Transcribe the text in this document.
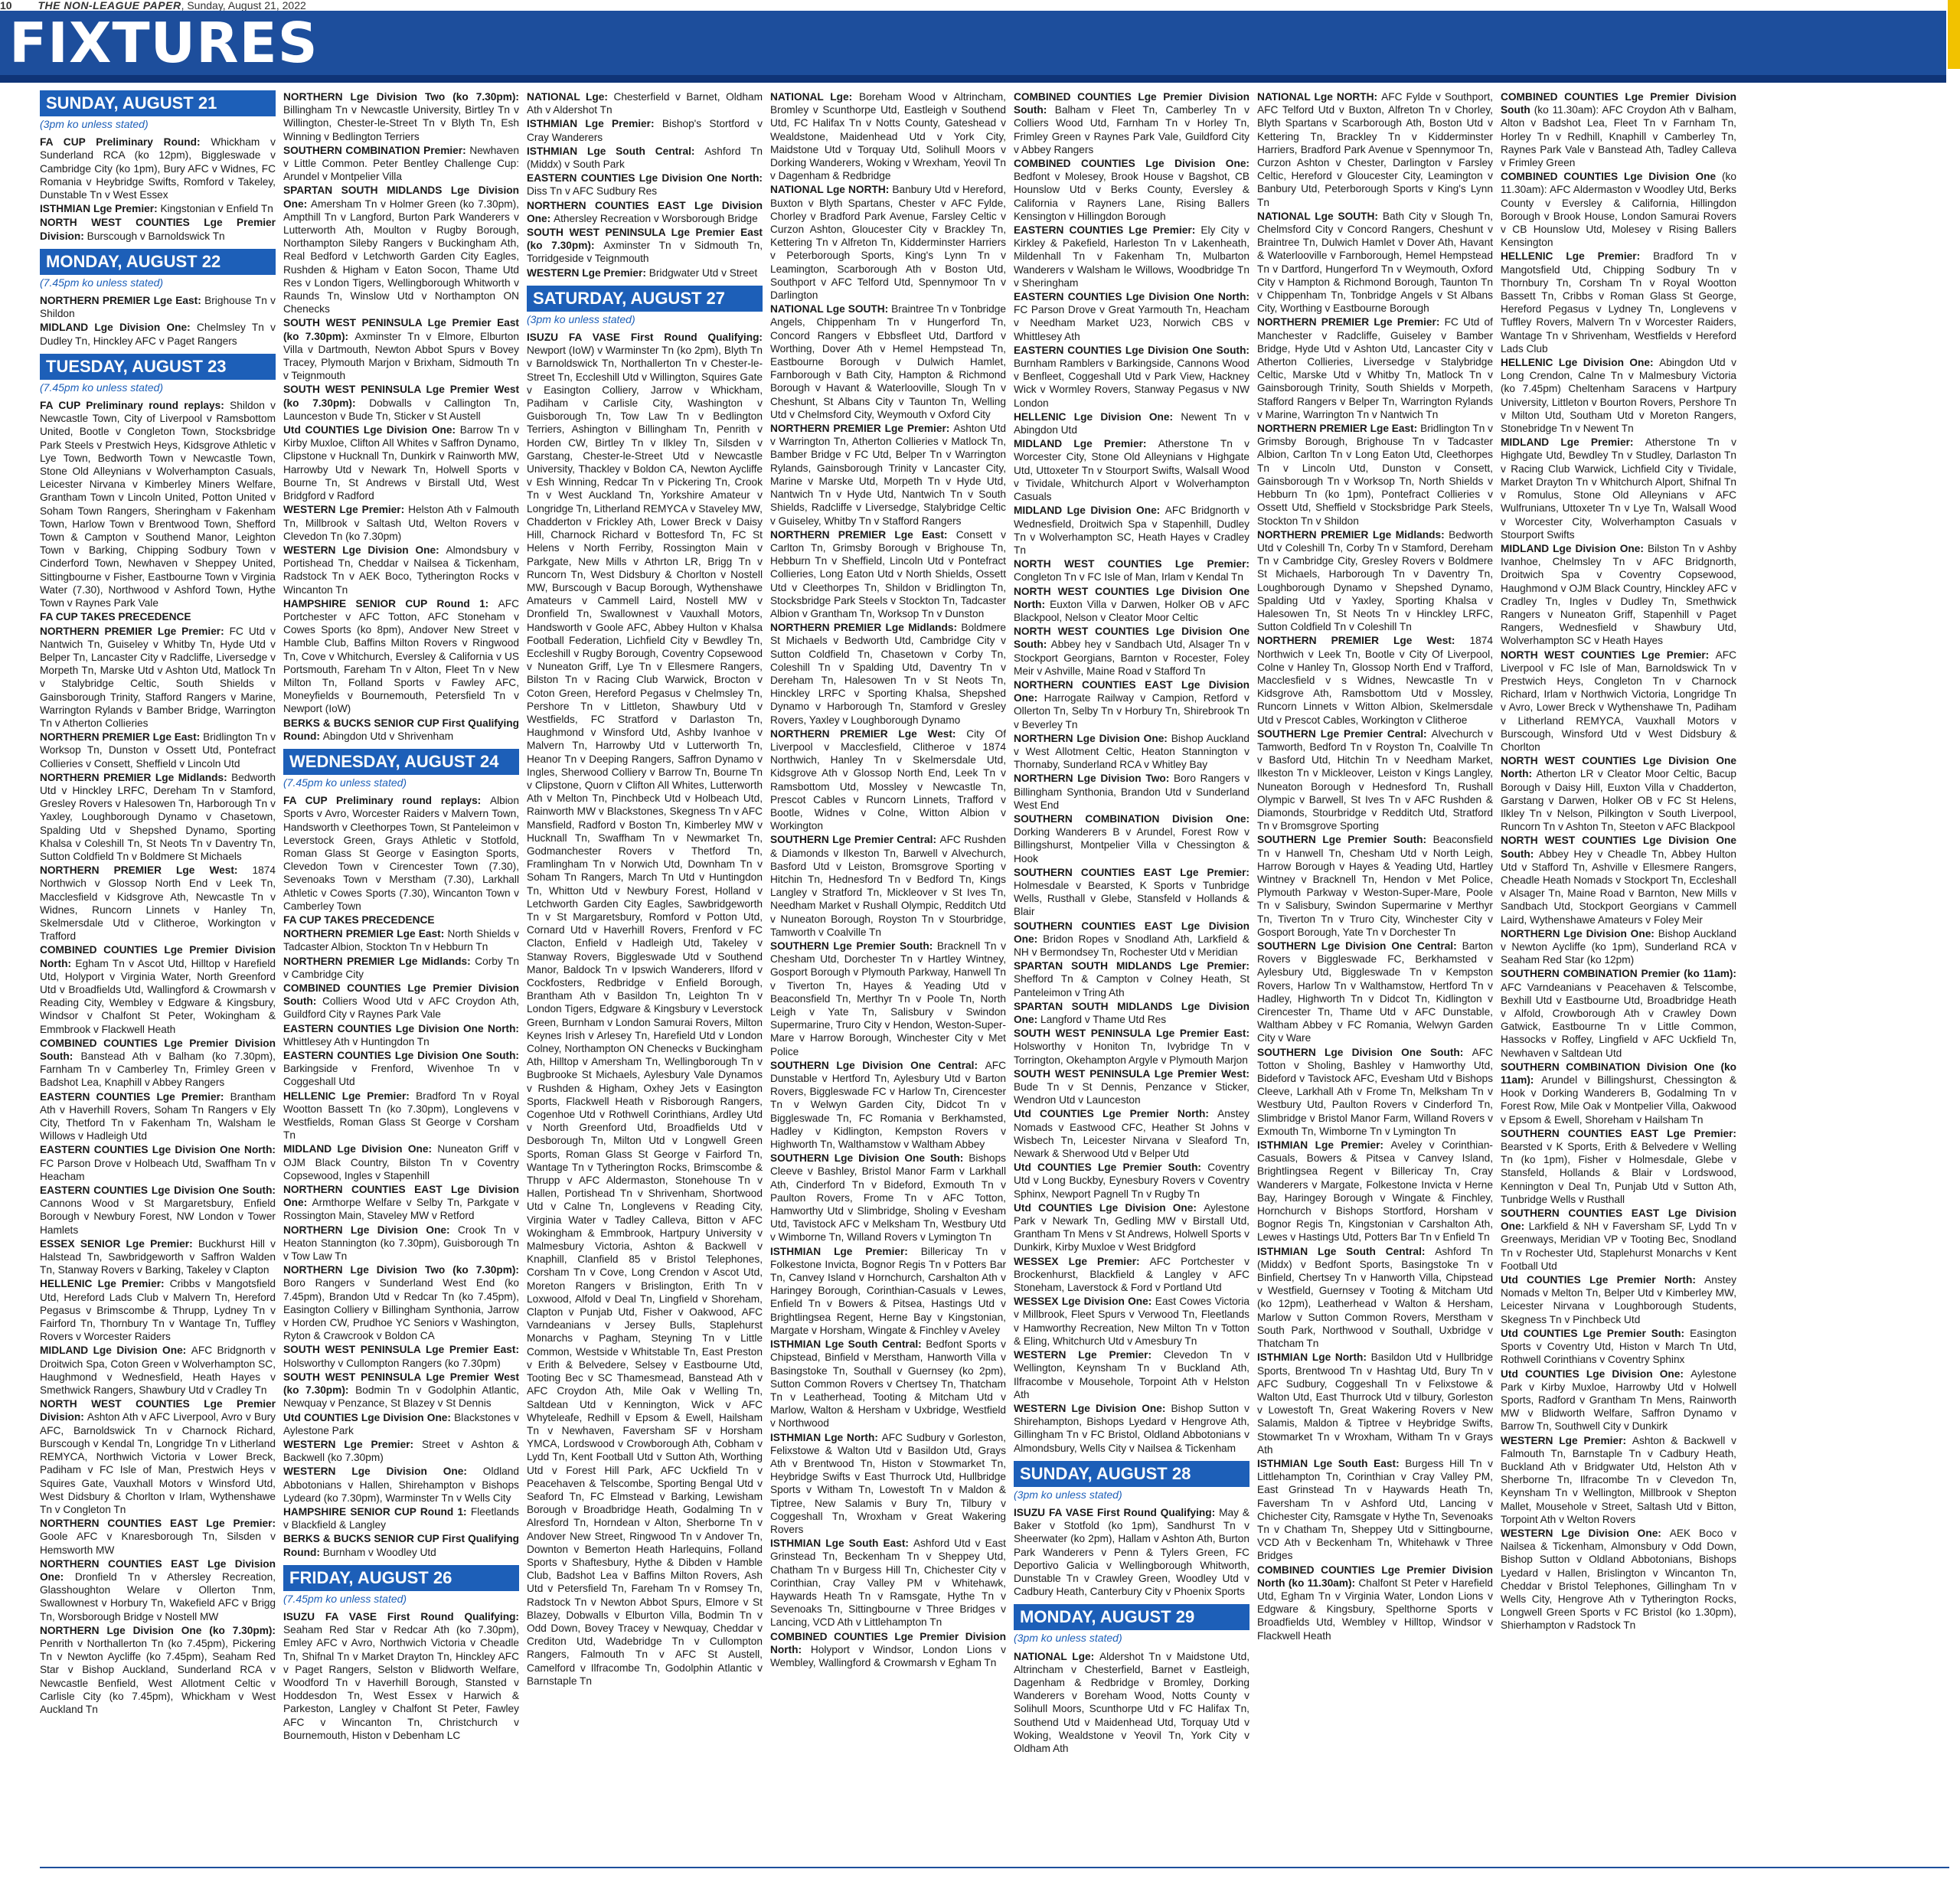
10 THE NON-LEAGUE PAPER, Sunday, August 21, 2022
FIXTURES
SUNDAY, AUGUST 21
(3pm ko unless stated)
FA CUP Preliminary Round: Whickham v Sunderland RCA (ko 12pm), Biggleswade v Cambridge City (ko 1pm), Bury AFC v Widnes, FC Romania v Heybridge Swifts, Romford v Takeley, Dunstable Tn v West Essex
ISTHMIAN Lge Premier: Kingstonian v Enfield Tn
NORTH WEST COUNTIES Lge Premier Division: Burscough v Barnoldswick Tn
MONDAY, AUGUST 22
(7.45pm ko unless stated)
NORTHERN PREMIER Lge East: Brighouse Tn v Shildon
MIDLAND Lge Division One: Chelmsley Tn v Dudley Tn, Hinckley AFC v Paget Rangers
TUESDAY, AUGUST 23
(7.45pm ko unless stated)
FA CUP Preliminary round replays: Shildon v Newcastle Town, City of Liverpool v Ramsbottom United, Bootle v Congleton Town, Stocksbridge Park Steels v Prestwich Heys, Kidsgrove Athletic v Lye Town, Bedworth Town v Newcastle Town, Stone Old Alleynians v Wolverhampton Casuals, Leicester Nirvana v Kimberley Miners Welfare, Grantham Town v Lincoln United, Potton United v Soham Town Rangers, Sheringham v Fakenham Town, Harlow Town v Brentwood Town, Shefford Town & Campton v Southend Manor, Leighton Town v Barking, Chipping Sodbury Town v Cinderford Town, Newhaven v Sheppey United, Sittingbourne v Fisher, Eastbourne Town v Virginia Water (7.30), Northwood v Ashford Town, Hythe Town v Raynes Park Vale
FA CUP TAKES PRECEDENCE
NORTHERN PREMIER Lge Premier: FC Utd v Nantwich Tn, Guiseley v Whitby Tn, Hyde Utd v Belper Tn, Lancaster City v Radcliffe, Liversedge v Morpeth Tn, Marske Utd v Ashton Utd, Matlock Tn v Stalybridge Celtic, South Shields v Gainsborough Trinity, Stafford Rangers v Marine, Warrington Rylands v Bamber Bridge, Warrington Tn v Atherton Collieries
NORTHERN PREMIER Lge East: Bridlington Tn v Worksop Tn, Dunston v Ossett Utd, Pontefract Collieries v Consett, Sheffield v Lincoln Utd
NORTHERN PREMIER Lge Midlands: Bedworth Utd v Hinckley LRFC, Dereham Tn v Stamford, Gresley Rovers v Halesowen Tn, Harborough Tn v Yaxley, Loughborough Dynamo v Chasetown, Spalding Utd v Shepshed Dynamo, Sporting Khalsa v Coleshill Tn, St Neots Tn v Daventry Tn, Sutton Coldfield Tn v Boldmere St Michaels
NORTHERN PREMIER Lge West: 1874 Northwich v Glossop North End v Leek Tn, Macclesfield v Kidsgrove Ath, Newcastle Tn v Widnes, Runcorn Linnets v Hanley Tn, Skelmersdale Utd v Clitheroe, Workington v Trafford
COMBINED COUNTIES Lge Premier Division North: Egham Tn v Ascot Utd, Hilltop v Harefield Utd, Holyport v Virginia Water, North Greenford Utd v Broadfields Utd, Wallingford & Crowmarsh v Reading City, Wembley v Edgware & Kingsbury, Windsor v Chalfont St Peter, Wokingham & Emmbrook v Flackwell Heath
COMBINED COUNTIES Lge Premier Division South: Banstead Ath v Balham (ko 7.30pm), Farnham Tn v Camberley Tn, Frimley Green v Badshot Lea, Knaphill v Abbey Rangers
EASTERN COUNTIES Lge Premier: Brantham Ath v Haverhill Rovers, Soham Tn Rangers v Ely City, Thetford Tn v Fakenham Tn, Walsham le Willows v Hadleigh Utd
EASTERN COUNTIES Lge Division One North:FC Parson Drove v Holbeach Utd, Swaffham Tn v Heacham
EASTERN COUNTIES Lge Division One South:Cannons Wood v St Margaretsbury, Enfield Borough v Newbury Forest, NW London v Tower Hamlets
ESSEX SENIOR Lge Premier: Buckhurst Hill v Halstead Tn, Sawbridgeworth v Saffron Walden Tn, Stanway Rovers v Barking, Takeley v Clapton
HELLENIC Lge Premier: Cribbs v Mangotsfield Utd, Hereford Lads Club v Malvern Tn, Hereford Pegasus v Brimscombe & Thrupp, Lydney Tn v Fairford Tn, Thornbury Tn v Wantage Tn, Tuffley Rovers v Worcester Raiders
MIDLAND Lge Division One: AFC Bridgnorth v Droitwich Spa, Coton Green v Wolverhampton SC, Haughmond v Wednesfield, Heath Hayes v Smethwick Rangers, Shawbury Utd v Cradley Tn
NORTH WEST COUNTIES Lge Premier Division: Ashton Ath v AFC Liverpool, Avro v Bury AFC, Barnoldswick Tn v Charnock Richard, Burscough v Kendal Tn, Longridge Tn v Litherland REMYCA, Northwich Victoria v Lower Breck, Padiham v FC Isle of Man, Prestwich Heys v Squires Gate, Vauxhall Motors v Winsford Utd, West Didsbury & Chorlton v Irlam, Wythenshawe Tn v Congleton Tn
NORTHERN COUNTIES EAST Lge Premier:Goole AFC v Knaresborough Tn, Silsden v Hemsworth MW
NORTHERN COUNTIES EAST Lge Division One: Dronfield Tn v Athersley Recreation, Glasshoughton Welare v Ollerton Tnm, Swallownest v Horbury Tn, Wakefield AFC v Brigg Tn, Worsborough Bridge v Nostell MW
NORTHERN Lge Division One (ko 7.30pm):Penrith v Northallerton Tn (ko 7.45pm), Pickering Tn v Newton Aycliffe (ko 7.45pm), Seaham Red Star v Bishop Auckland, Sunderland RCA v Newcastle Benfield, West Allotment Celtic v Carlisle City (ko 7.45pm), Whickham v West Auckland Tn
NORTHERN Lge Division Two (ko 7.30pm):Billingham Tn v Newcastle University, Birtley Tn v Willington, Chester-le-Street Tn v Blyth Tn, Esh Winning v Bedlington Terriers
SOUTHERN COMBINATION Premier: Newhaven v Little Common. Peter Bentley Challenge Cup: Arundel v Montpelier Villa
SPARTAN SOUTH MIDLANDS Lge Division One: Amersham Tn v Holmer Green (ko 7.30pm), Ampthill Tn v Langford, Burton Park Wanderers v Lutterworth Ath, Moulton v Rugby Borough, Northampton Sileby Rangers v Buckingham Ath, Real Bedford v Letchworth Garden City Eagles, Rushden & Higham v Eaton Socon, Thame Utd Res v London Tigers, Wellingborough Whitworth v Raunds Tn, Winslow Utd v Northampton ON Chenecks
SOUTH WEST PENINSULA Lge Premier East (ko 7.30pm): Axminster Tn v Elmore, Elburton Villa v Dartmouth, Newton Abbot Spurs v Bovey Tracey, Plymouth Marjon v Brixham, Sidmouth Tn v Teignmouth
SOUTH WEST PENINSULA Lge Premier West (ko 7.30pm): Dobwalls v Callington Tn, Launceston v Bude Tn, Sticker v St Austell
Utd COUNTIES Lge Division One: Barrow Tn v Kirby Muxloe, Clifton All Whites v Saffron Dynamo, Clipstone v Hucknall Tn, Dunkirk v Rainworth MW, Harrowby Utd v Newark Tn, Holwell Sports v Bourne Tn, St Andrews v Birstall Utd, West Bridgford v Radford
WESTERN Lge Premier: Helston Ath v Falmouth Tn, Millbrook v Saltash Utd, Welton Rovers v Clevedon Tn (ko 7.30pm)
WESTERN Lge Division One: Almondsbury v Portishead Tn, Cheddar v Nailsea & Tickenham, Radstock Tn v AEK Boco, Tytherington Rocks v Wincanton Tn
HAMPSHIRE SENIOR CUP Round 1: AFC Portchester v AFC Totton, AFC Stoneham v Cowes Sports (ko 8pm), Andover New Street v Hamble Club, Baffins Milton Rovers v Ringwood Tn, Cove v Whitchurch, Eversley & California v US Portsmouth, Fareham Tn v Alton, Fleet Tn v New Milton Tn, Folland Sports v Fawley AFC, Moneyfields v Bournemouth, Petersfield Tn v Newport (IoW)
BERKS & BUCKS SENIOR CUP First Qualifying Round: Abingdon Utd v Shrivenham
WEDNESDAY, AUGUST 24
(7.45pm ko unless stated)
FA CUP Preliminary round replays: Albion Sports v Avro, Worcester Raiders v Malvern Town, Handsworth v Cleethorpes Town, St Panteleimon v Leverstock Green, Grays Athletic v Stotfold, Roman Glass St George v Easington Sports, Clevedon Town v Cirencester Town (7.30), Sevenoaks Town v Merstham (7.30), Larkhall Athletic v Cowes Sports (7.30), Wincanton Town v Camberley Town
FA CUP TAKES PRECEDENCE
NORTHERN PREMIER Lge East: North Shields v Tadcaster Albion, Stockton Tn v Hebburn Tn
NORTHERN PREMIER Lge Midlands: Corby Tn v Cambridge City
COMBINED COUNTIES Lge Premier Division South: Colliers Wood Utd v AFC Croydon Ath, Guildford City v Raynes Park Vale
EASTERN COUNTIES Lge Division One North:Whittlesey Ath v Huntingdon Tn
EASTERN COUNTIES Lge Division One South:Barkingside v Frenford, Wivenhoe Tn v Coggeshall Utd
HELLENIC Lge Premier: Bradford Tn v Royal Wootton Bassett Tn (ko 7.30pm), Longlevens v Westfields, Roman Glass St George v Corsham Tn
MIDLAND Lge Division One: Nuneaton Griff v OJM Black Country, Bilston Tn v Coventry Copsewood, Ingles v Stapenhill
NORTHERN COUNTIES EAST Lge Division One: Armthorpe Welfare v Selby Tn, Parkgate v Rossington Main, Staveley MW v Retford
NORTHERN Lge Division One: Crook Tn v Heaton Stannington (ko 7.30pm), Guisborough Tn v Tow Law Tn
NORTHERN Lge Division Two (ko 7.30pm):Boro Rangers v Sunderland West End (ko 7.45pm), Brandon Utd v Redcar Tn (ko 7.45pm), Easington Colliery v Billingham Synthonia, Jarrow v Horden CW, Prudhoe YC Seniors v Washington, Ryton & Crawcrook v Boldon CA
SOUTH WEST PENINSULA Lge Premier East:Holsworthy v Cullompton Rangers (ko 7.30pm)
SOUTH WEST PENINSULA Lge Premier West (ko 7.30pm): Bodmin Tn v Godolphin Atlantic, Newquay v Penzance, St Blazey v St Dennis
Utd COUNTIES Lge Division One: Blackstones v Aylestone Park
WESTERN Lge Premier: Street v Ashton & Backwell (ko 7.30pm)
WESTERN Lge Division One: Oldland Abbotonians v Hallen, Shirehampton v Bishops Lydeard (ko 7.30pm), Warminster Tn v Wells City
HAMPSHIRE SENIOR CUP Round 1: Fleetlands v Blackfield & Langley
BERKS & BUCKS SENIOR CUP First Qualifying Round: Burnham v Woodley Utd
FRIDAY, AUGUST 26
(7.45pm ko unless stated)
ISUZU FA VASE First Round Qualifying:Seaham Red Star v Redcar Ath (ko 7.30pm), Emley AFC v Avro, Northwich Victoria v Cheadle Tn, Shifnal Tn v Market Drayton Tn, Hinckley AFC v Paget Rangers, Selston v Blidworth Welfare, Woodford Tn v Haverhill Borough, Stansted v Hoddesdon Tn, West Essex v Harwich & Parkeston, Langley v Chalfont St Peter, Fawley AFC v Wincanton Tn, Christchurch v Bournemouth, Histon v Debenham LC
NATIONAL Lge: Chesterfield v Barnet, Oldham Ath v Aldershot Tn
ISTHMIAN Lge Premier: Bishop's Stortford v Cray Wanderers
ISTHMIAN Lge South Central: Ashford Tn (Middx) v South Park
EASTERN COUNTIES Lge Division One North:Diss Tn v AFC Sudbury Res
NORTHERN COUNTIES EAST Lge Division One: Athersley Recreation v Worsborough Bridge
SOUTH WEST PENINSULA Lge Premier East (ko 7.30pm): Axminster Tn v Sidmouth Tn, Torridgeside v Teignmouth
WESTERN Lge Premier: Bridgwater Utd v Street
SATURDAY, AUGUST 27
(3pm ko unless stated)
ISUZU FA VASE First Round Qualifying:Newport (IoW) v Warminster Tn (ko 2pm), Blyth Tn v Barnoldswick Tn, Northallerton Tn v Chester-le-Street Tn, Eccleshill Utd v Willington, Squires Gate v Easington Colliery, Jarrow v Whickham, Padiham v Carlisle City, Washington v Guisborough Tn, Tow Law Tn v Bedlington Terriers, Ashington v Billingham Tn, Penrith v Horden CW, Birtley Tn v Ilkley Tn, Silsden v Garstang, Chester-le-Street Utd v Newcastle University, Thackley v Boldon CA, Newton Aycliffe v Esh Winning, Redcar Tn v Pickering Tn, Crook Tn v West Auckland Tn, Yorkshire Amateur v Longridge Tn, Litherland REMYCA v Staveley MW, Chadderton v Frickley Ath, Lower Breck v Daisy Hill, Charnock Richard v Bottesford Tn, FC St Helens v North Ferriby, Rossington Main v Parkgate, New Mills v Athrton LR, Brigg Tn v Runcorn Tn, West Didsbury & Chorlton v Nostell MW, Burscough v Bacup Borough, Wythenshawe Amateurs v Cammell Laird, Nostell MW v Dronfield Tn, Swallownest v Vauxhall Motors, Handsworth v Goole AFC, Abbey Hulton v Khalsa Football Federation, Lichfield City v Bewdley Tn, Eccleshill v Rugby Borough, Coventry Copsewood v Nuneaton Griff, Lye Tn v Ellesmere Rangers, Bilston Tn v Racing Club Warwick, Brocton v Coton Green, Hereford Pegasus v Chelmsley Tn, Pershore Tn v Littleton, Shawbury Utd v Westfields, FC Stratford v Darlaston Tn, Haughmond v Winsford Utd, Ashby Ivanhoe v Malvern Tn, Harrowby Utd v Lutterworth Tn, Heanor Tn v Deeping Rangers, Saffron Dynamo v Ingles, Sherwood Colliery v Barrow Tn, Bourne Tn v Clipstone, Quorn v Clifton All Whites, Lutterworth Ath v Melton Tn, Pinchbeck Utd v Holbeach Utd, Rainworth MW v Blackstones, Skegness Tn v AFC Mansfield, Radford v Boston Tn, Kimberley MW v Hucknall Tn, Swaffham Tn v Newmarket Tn, Godmanchester Rovers v Thetford Tn, Framlingham Tn v Norwich Utd, Downham Tn v Soham Tn Rangers, March Tn Utd v Huntingdon Tn, Whitton Utd v Newbury Forest, Holland v Letchworth Garden City Eagles, Sawbridgeworth Tn v St Margaretsbury, Romford v Potton Utd, Cornard Utd v Haverhill Rovers, Frenford v FC Clacton, Enfield v Hadleigh Utd, Takeley v Stanway Rovers, Biggleswade Utd v Southend Manor, Baldock Tn v Ipswich Wanderers, Ilford v Cockfosters, Redbridge v Enfield Borough, Brantham Ath v Basildon Tn, Leighton Tn v London Tigers, Edgware & Kingsbury v Leverstock Green, Burnham v London Samurai Rovers, Milton Keynes Irish v Arlesey Tn, Harefield Utd v London Colney, Northampton ON Chenecks v Buckingham Ath, Hilltop v Amersham Tn, Wellingborough Tn v Bugbrooke St Michaels, Aylesbury Vale Dynamos v Rushden & Higham, Oxhey Jets v Easington Sports, Flackwell Heath v Risborough Rangers, Cogenhoe Utd v Rothwell Corinthians, Ardley Utd v North Greenford Utd, Broadfields Utd v Desborough Tn, Milton Utd v Longwell Green Sports, Roman Glass St George v Fairford Tn, Wantage Tn v Tytherington Rocks, Brimscombe & Thrupp v AFC Aldermaston, Stonehouse Tn v Hallen, Portishead Tn v Shrivenham, Shortwood Utd v Calne Tn, Longlevens v Reading City, Virginia Water v Tadley Calleva, Bitton v AFC Wokingham & Emmbrook, Hartpury University v Malmesbury Victoria, Ashton & Backwell v Knaphill, Clanfield 85 v Bristol Telephones, Corsham Tn v Cove, Long Crendon v Ascot Utd, Moreton Rangers v Brislington, Erith Tn v Loxwood, Alfold v Deal Tn, Lingfield v Shoreham, Clapton v Punjab Utd, Fisher v Oakwood, AFC Varndeanians v Jersey Bulls, Staplehurst Monarchs v Pagham, Steyning Tn v Little Common, Westside v Whitstable Tn, East Preston v Erith & Belvedere, Selsey v Eastbourne Utd, Tooting Bec v SC Thamesmead, Banstead Ath v AFC Croydon Ath, Mile Oak v Welling Tn, Saltdean Utd v Kennington, Wick v AFC Whyteleafe, Redhill v Epsom & Ewell, Hailsham Tn v Newhaven, Faversham SF v Horsham YMCA, Lordswood v Crowborough Ath, Cobham v Lydd Tn, Kent Football Utd v Sutton Ath, Worthing Utd v Forest Hill Park, AFC Uckfield Tn v Peacehaven & Telscombe, Sporting Bengal Utd v Seaford Tn, FC Elmstead v Barking, Lewisham Borough v Broadbridge Heath, Godalming Tn v Alresford Tn, Horndean v Alton, Sherborne Tn v Andover New Street, Ringwood Tn v Andover Tn, Downton v Bemerton Heath Harlequins, Folland Sports v Shaftesbury, Hythe & Dibden v Hamble Club, Badshot Lea v Baffins Milton Rovers, Ash Utd v Petersfield Tn, Fareham Tn v Romsey Tn, Radstock Tn v Newton Abbot Spurs, Elmore v St Blazey, Dobwalls v Elburton Villa, Bodmin Tn v Odd Down, Bovey Tracey v Newquay, Cheddar v Crediton Utd, Wadebridge Tn v Cullompton Rangers, Falmouth Tn v AFC St Austell, Camelford v Ilfracombe Tn, Godolphin Atlantic v Barnstaple Tn
NATIONAL Lge: Boreham Wood v Altrincham, Bromley v Scunthorpe Utd, Eastleigh v Southend Utd, FC Halifax Tn v Notts County, Gateshead v Wealdstone, Maidenhead Utd v York City, Maidstone Utd v Torquay Utd, Solihull Moors v Dorking Wanderers, Woking v Wrexham, Yeovil Tn v Dagenham & Redbridge
NATIONAL Lge NORTH: Banbury Utd v Hereford, Buxton v Blyth Spartans, Chester v AFC Fylde, Chorley v Bradford Park Avenue, Farsley Celtic v Curzon Ashton, Gloucester City v Brackley Tn, Kettering Tn v Alfreton Tn, Kidderminster Harriers v Peterborough Sports, King's Lynn Tn v Leamington, Scarborough Ath v Boston Utd, Southport v AFC Telford Utd, Spennymoor Tn v Darlington
NATIONAL Lge SOUTH: Braintree Tn v Tonbridge Angels, Chippenham Tn v Hungerford Tn, Concord Rangers v Ebbsfleet Utd, Dartford v Worthing, Dover Ath v Hemel Hempstead Tn, Eastbourne Borough v Dulwich Hamlet, Farnborough v Bath City, Hampton & Richmond Borough v Havant & Waterlooville, Slough Tn v Cheshunt, St Albans City v Taunton Tn, Welling Utd v Chelmsford City, Weymouth v Oxford City
NORTHERN PREMIER Lge Premier: Ashton Utd v Warrington Tn, Atherton Collieries v Matlock Tn, Bamber Bridge v FC Utd, Belper Tn v Warrington Rylands, Gainsborough Trinity v Lancaster City, Marine v Marske Utd, Morpeth Tn v Hyde Utd, Nantwich Tn v Hyde Utd, Nantwich Tn v South Shields, Radcliffe v Liversedge, Stalybridge Celtic v Guiseley, Whitby Tn v Stafford Rangers
NORTHERN PREMIER Lge East: Consett v Carlton Tn, Grimsby Borough v Brighouse Tn, Hebburn Tn v Sheffield, Lincoln Utd v Pontefract Collieries, Long Eaton Utd v North Shields, Ossett Utd v Cleethorpes Tn, Shildon v Bridlington Tn, Stocksbridge Park Steels v Stockton Tn, Tadcaster Albion v Grantham Tn, Worksop Tn v Dunston
NORTHERN PREMIER Lge Midlands: Boldmere St Michaels v Bedworth Utd, Cambridge City v Sutton Coldfield Tn, Chasetown v Corby Tn, Coleshill Tn v Spalding Utd, Daventry Tn v Dereham Tn, Halesowen Tn v St Neots Tn, Hinckley LRFC v Sporting Khalsa, Shepshed Dynamo v Harborough Tn, Stamford v Gresley Rovers, Yaxley v Loughborough Dynamo
NORTHERN PREMIER Lge West: City Of Liverpool v Macclesfield, Clitheroe v 1874 Northwich, Hanley Tn v Skelmersdale Utd, Kidsgrove Ath v Glossop North End, Leek Tn v Ramsbottom Utd, Mossley v Newcastle Tn, Prescot Cables v Runcorn Linnets, Trafford v Bootle, Widnes v Colne, Witton Albion v Workington
SOUTHERN Lge Premier Central: AFC Rushden & Diamonds v Ilkeston Tn, Barwell v Alvechurch, Basford Utd v Leiston, Bromsgrove Sporting v Hitchin Tn, Hednesford Tn v Bedford Tn, Kings Langley v Stratford Tn, Mickleover v St Ives Tn, Needham Market v Rushall Olympic, Redditch Utd v Nuneaton Borough, Royston Tn v Stourbridge, Tamworth v Coalville Tn
SOUTHERN Lge Premier South: Bracknell Tn v Chesham Utd, Dorchester Tn v Hartley Wintney, Gosport Borough v Plymouth Parkway, Hanwell Tn v Tiverton Tn, Hayes & Yeading Utd v Beaconsfield Tn, Merthyr Tn v Poole Tn, North Leigh v Yate Tn, Salisbury v Swindon Supermarine, Truro City v Hendon, Weston-Super-Mare v Harrow Borough, Winchester City v Met Police
SOUTHERN Lge Division One Central: AFC Dunstable v Hertford Tn, Aylesbury Utd v Barton Rovers, Biggleswade FC v Harlow Tn, Cirencester Tn v Welwyn Garden City, Didcot Tn v Biggleswade Tn, FC Romania v Berkhamsted, Hadley v Kidlington, Kempston Rovers v Highworth Tn, Walthamstow v Waltham Abbey
SOUTHERN Lge Division One South: Bishops Cleeve v Bashley, Bristol Manor Farm v Larkhall Ath, Cinderford Tn v Bideford, Exmouth Tn v Paulton Rovers, Frome Tn v AFC Totton, Hamworthy Utd v Slimbridge, Sholing v Evesham Utd, Tavistock AFC v Melksham Tn, Westbury Utd v Wimborne Tn, Willand Rovers v Lymington Tn
ISTHMIAN Lge Premier: Billericay Tn v Folkestone Invicta, Bognor Regis Tn v Potters Bar Tn, Canvey Island v Hornchurch, Carshalton Ath v Haringey Borough, Corinthian-Casuals v Lewes, Enfield Tn v Bowers & Pitsea, Hastings Utd v Brightlingsea Regent, Herne Bay v Kingstonian, Margate v Horsham, Wingate & Finchley v Aveley
ISTHMIAN Lge South Central: Bedfont Sports v Chipstead, Binfield v Merstham, Hanworth Villa v Basingstoke Tn, Southall v Guernsey (ko 2pm), Sutton Common Rovers v Chertsey Tn, Thatcham Tn v Leatherhead, Tooting & Mitcham Utd v Marlow, Walton & Hersham v Uxbridge, Westfield v Northwood
ISTHMIAN Lge North: AFC Sudbury v Gorleston, Felixstowe & Walton Utd v Basildon Utd, Grays Ath v Brentwood Tn, Histon v Stowmarket Tn, Heybridge Swifts v East Thurrock Utd, Hullbridge Sports v Witham Tn, Lowestoft Tn v Maldon & Tiptree, New Salamis v Bury Tn, Tilbury v Coggeshall Tn, Wroxham v Great Wakering Rovers
ISTHMIAN Lge South East: Ashford Utd v East Grinstead Tn, Beckenham Tn v Sheppey Utd, Chatham Tn v Burgess Hill Tn, Chichester City v Corinthian, Cray Valley PM v Whitehawk, Haywards Heath Tn v Ramsgate, Hythe Tn v Sevenoaks Tn, Sittingbourne v Three Bridges v Lancing, VCD Ath v Littlehampton Tn
COMBINED COUNTIES Lge Premier Division North: Holyport v Windsor, London Lions v Wembley, Wallingford & Crowmarsh v Egham Tn
COMBINED COUNTIES Lge Premier Division South: Balham v Fleet Tn, Camberley Tn v Colliers Wood Utd, Farnham Tn v Horley Tn, Frimley Green v Raynes Park Vale, Guildford City v Abbey Rangers
COMBINED COUNTIES Lge Division One:Bedfont v Molesey, Brook House v Bagshot, CB Hounslow Utd v Berks County, Eversley & California v Rayners Lane, Rising Ballers Kensington v Hillingdon Borough
EASTERN COUNTIES Lge Premier: Ely City v Kirkley & Pakefield, Harleston Tn v Lakenheath, Mildenhall Tn v Fakenham Tn, Mulbarton Wanderers v Walsham le Willows, Woodbridge Tn v Sheringham
EASTERN COUNTIES Lge Division One North:FC Parson Drove v Great Yarmouth Tn, Heacham v Needham Market U23, Norwich CBS v Whittlesey Ath
EASTERN COUNTIES Lge Division One South:Burnham Ramblers v Barkingside, Cannons Wood v Benfleet, Coggeshall Utd v Park View, Hackney Wick v Wormley Rovers, Stanway Pegasus v NW London
HELLENIC Lge Division One: Newent Tn v Abingdon Utd
MIDLAND Lge Premier: Atherstone Tn v Worcester City, Stone Old Alleynians v Highgate Utd, Uttoxeter Tn v Stourport Swifts, Walsall Wood v Tividale, Whitchurch Alport v Wolverhampton Casuals
MIDLAND Lge Division One: AFC Bridgnorth v Wednesfield, Droitwich Spa v Stapenhill, Dudley Tn v Wolverhampton SC, Heath Hayes v Cradley Tn
NORTH WEST COUNTIES Lge Premier:Congleton Tn v FC Isle of Man, Irlam v Kendal Tn
NORTH WEST COUNTIES Lge Division One North: Euxton Villa v Darwen, Holker OB v AFC Blackpool, Nelson v Cleator Moor Celtic
NORTH WEST COUNTIES Lge Division One South: Abbey hey v Sandbach Utd, Alsager Tn v Stockport Georgians, Barnton v Rocester, Foley Meir v Ashville, Maine Road v Stafford Tn
NORTHERN COUNTIES EAST Lge Division One: Harrogate Railway v Campion, Retford v Ollerton Tn, Selby Tn v Horbury Tn, Shirebrook Tn v Beverley Tn
NORTHERN Lge Division One: Bishop Auckland v West Allotment Celtic, Heaton Stannington v Thornaby, Sunderland RCA v Whitley Bay
NORTHERN Lge Division Two: Boro Rangers v Billingham Synthonia, Brandon Utd v Sunderland West End
SOUTHERN COMBINATION Division One:Dorking Wanderers B v Arundel, Forest Row v Billingshurst, Montpelier Villa v Chessington & Hook
SOUTHERN COUNTIES EAST Lge Premier:Holmesdale v Bearsted, K Sports v Tunbridge Wells, Rusthall v Glebe, Stansfeld v Hollands & Blair
SOUTHERN COUNTIES EAST Lge Division One: Bridon Ropes v Snodland Ath, Larkfield & NH v Bermondsey Tn, Rochester Utd v Meridian
SPARTAN SOUTH MIDLANDS Lge Premier:Shefford Tn & Campton v Colney Heath, St Panteleimon v Tring Ath
SPARTAN SOUTH MIDLANDS Lge Division One: Langford v Thame Utd Res
SOUTH WEST PENINSULA Lge Premier East:Holsworthy v Honiton Tn, Ivybridge Tn v Torrington, Okehampton Argyle v Plymouth Marjon
SOUTH WEST PENINSULA Lge Premier West:Bude Tn v St Dennis, Penzance v Sticker, Wendron Utd v Launceston
Utd COUNTIES Lge Premier North: Anstey Nomads v Eastwood CFC, Heather St Johns v Wisbech Tn, Leicester Nirvana v Sleaford Tn, Newark & Sherwood Utd v Belper Utd
Utd COUNTIES Lge Premier South: Coventry Utd v Long Buckby, Eynesbury Rovers v Coventry Sphinx, Newport Pagnell Tn v Rugby Tn
Utd COUNTIES Lge Division One: Aylestone Park v Newark Tn, Gedling MW v Birstall Utd, Grantham Tn Mens v St Andrews, Holwell Sports v Dunkirk, Kirby Muxloe v West Bridgford
WESSEX Lge Premier: AFC Portchester v Brockenhurst, Blackfield & Langley v AFC Stoneham, Laverstock & Ford v Portland Utd
WESSEX Lge Division One: East Cowes Victoria v Millbrook, Fleet Spurs v Verwood Tn, Fleetlands v Hamworthy Recreation, New Milton Tn v Totton & Eling, Whitchurch Utd v Amesbury Tn
WESTERN Lge Premier: Clevedon Tn v Wellington, Keynsham Tn v Buckland Ath, Ilfracombe v Mousehole, Torpoint Ath v Helston Ath
WESTERN Lge Division One: Bishop Sutton v Shirehampton, Bishops Lyedard v Hengrove Ath, Gillingham Tn v FC Bristol, Oldland Abbotonians v Almondsbury, Wells City v Nailsea & Tickenham
SUNDAY, AUGUST 28
(3pm ko unless stated)
ISUZU FA VASE First Round Qualifying: May & Baker v Stotfold (ko 1pm), Sandhurst Tn v Sheerwater (ko 2pm), Hallam v Ashton Ath, Burton Park Wanderers v Penn & Tylers Green, FC Deportivo Galicia v Wellingborough Whitworth, Dunstable Tn v Crawley Green, Woodley Utd v Cadbury Heath, Canterbury City v Phoenix Sports
MONDAY, AUGUST 29
(3pm ko unless stated)
NATIONAL Lge: Aldershot Tn v Maidstone Utd, Altrincham v Chesterfield, Barnet v Eastleigh, Dagenham & Redbridge v Bromley, Dorking Wanderers v Boreham Wood, Notts County v Solihull Moors, Scunthorpe Utd v FC Halifax Tn, Southend Utd v Maidenhead Utd, Torquay Utd v Woking, Wealdstone v Yeovil Tn, York City v Oldham Ath
NATIONAL Lge NORTH: AFC Fylde v Southport, AFC Telford Utd v Buxton, Alfreton Tn v Chorley, Blyth Spartans v Scarborough Ath, Boston Utd v Kettering Tn, Brackley Tn v Kidderminster Harriers, Bradford Park Avenue v Spennymoor Tn, Curzon Ashton v Chester, Darlington v Farsley Celtic, Hereford v Gloucester City, Leamington v Banbury Utd, Peterborough Sports v King's Lynn Tn
NATIONAL Lge SOUTH: Bath City v Slough Tn, Chelmsford City v Concord Rangers, Cheshunt v Braintree Tn, Dulwich Hamlet v Dover Ath, Havant & Waterlooville v Farnborough, Hemel Hempstead Tn v Dartford, Hungerford Tn v Weymouth, Oxford City v Hampton & Richmond Borough, Taunton Tn v Chippenham Tn, Tonbridge Angels v St Albans City, Worthing v Eastbourne Borough
NORTHERN PREMIER Lge Premier: FC Utd of Manchester v Radcliffe, Guiseley v Bamber Bridge, Hyde Utd v Ashton Utd, Lancaster City v Atherton Collieries, Liversedge v Stalybridge Celtic, Marske Utd v Whitby Tn, Matlock Tn v Gainsborough Trinity, South Shields v Morpeth, Stafford Rangers v Belper Tn, Warrington Rylands v Marine, Warrington Tn v Nantwich Tn
NORTHERN PREMIER Lge East: Bridlington Tn v Grimsby Borough, Brighouse Tn v Tadcaster Albion, Carlton Tn v Long Eaton Utd, Cleethorpes Tn v Lincoln Utd, Dunston v Consett, Gainsborough Tn v Worksop Tn, North Shields v Hebburn Tn (ko 1pm), Pontefract Collieries v Ossett Utd, Sheffield v Stocksbridge Park Steels, Stockton Tn v Shildon
NORTHERN PREMIER Lge Midlands: Bedworth Utd v Coleshill Tn, Corby Tn v Stamford, Dereham Tn v Cambridge City, Gresley Rovers v Boldmere St Michaels, Harborough Tn v Daventry Tn, Loughborough Dynamo v Shepshed Dynamo, Spalding Utd v Yaxley, Sporting Khalsa v Halesowen Tn, St Neots Tn v Hinckley LRFC, Sutton Coldfield Tn v Coleshill Tn
NORTHERN PREMIER Lge West: 1874 Northwich v Leek Tn, Bootle v City Of Liverpool, Colne v Hanley Tn, Glossop North End v Trafford, Macclesfield v s Widnes, Newcastle Tn v Kidsgrove Ath, Ramsbottom Utd v Mossley, Runcorn Linnets v Witton Albion, Skelmersdale Utd v Prescot Cables, Workington v Clitheroe
SOUTHERN Lge Premier Central: Alvechurch v Tamworth, Bedford Tn v Royston Tn, Coalville Tn v Basford Utd, Hitchin Tn v Needham Market, Ilkeston Tn v Mickleover, Leiston v Kings Langley, Nuneaton Borough v Hednesford Tn, Rushall Olympic v Barwell, St Ives Tn v AFC Rushden & Diamonds, Stourbridge v Redditch Utd, Stratford Tn v Bromsgrove Sporting
SOUTHERN Lge Premier South: Beaconsfield Tn v Hanwell Tn, Chesham Utd v North Leigh, Harrow Borough v Hayes & Yeading Utd, Hartley Wintney v Bracknell Tn, Hendon v Met Police, Plymouth Parkway v Weston-Super-Mare, Poole Tn v Salisbury, Swindon Supermarine v Merthyr Tn, Tiverton Tn v Truro City, Winchester City v Gosport Borough, Yate Tn v Dorchester Tn
SOUTHERN Lge Division One Central: Barton Rovers v Biggleswade FC, Berkhamsted v Aylesbury Utd, Biggleswade Tn v Kempston Rovers, Harlow Tn v Walthamstow, Hertford Tn v Hadley, Highworth Tn v Didcot Tn, Kidlington v Cirencester Tn, Thame Utd v AFC Dunstable, Waltham Abbey v FC Romania, Welwyn Garden City v Ware
SOUTHERN Lge Division One South: AFC Totton v Sholing, Bashley v Hamworthy Utd, Bideford v Tavistock AFC, Evesham Utd v Bishops Cleeve, Larkhall Ath v Frome Tn, Melksham Tn v Westbury Utd, Paulton Rovers v Cinderford Tn, Slimbridge v Bristol Manor Farm, Willand Rovers v Exmouth Tn, Wimborne Tn v Lymington Tn
ISTHMIAN Lge Premier: Aveley v Corinthian-Casuals, Bowers & Pitsea v Canvey Island, Brightlingsea Regent v Billericay Tn, Cray Wanderers v Margate, Folkestone Invicta v Herne Bay, Haringey Borough v Wingate & Finchley, Hornchurch v Bishops Stortford, Horsham v Bognor Regis Tn, Kingstonian v Carshalton Ath, Lewes v Hastings Utd, Potters Bar Tn v Enfield Tn
ISTHMIAN Lge South Central: Ashford Tn (Middx) v Bedfont Sports, Basingstoke Tn v Binfield, Chertsey Tn v Hanworth Villa, Chipstead v Westfield, Guernsey v Tooting & Mitcham Utd (ko 12pm), Leatherhead v Walton & Hersham, Marlow v Sutton Common Rovers, Merstham v South Park, Northwood v Southall, Uxbridge v Thatcham Tn
ISTHMIAN Lge North: Basildon Utd v Hullbridge Sports, Brentwood Tn v Hashtag Utd, Bury Tn v AFC Sudbury, Coggeshall Tn v Felixstowe & Walton Utd, East Thurrock Utd v tilbury, Gorleston v Lowestoft Tn, Great Wakering Rovers v New Salamis, Maldon & Tiptree v Heybridge Swifts, Stowmarket Tn v Wroxham, Witham Tn v Grays Ath
ISTHMIAN Lge South East: Burgess Hill Tn v Littlehampton Tn, Corinthian v Cray Valley PM, East Grinstead Tn v Haywards Heath Tn, Faversham Tn v Ashford Utd, Lancing v Chichester City, Ramsgate v Hythe Tn, Sevenoaks Tn v Chatham Tn, Sheppey Utd v Sittingbourne, VCD Ath v Beckenham Tn, Whitehawk v Three Bridges
COMBINED COUNTIES Lge Premier Division North (ko 11.30am): Chalfont St Peter v Harefield Utd, Egham Tn v Virginia Water, London Lions v Edgware & Kingsbury, Spelthorne Sports v Broadfields Utd, Wembley v Hilltop, Windsor v Flackwell Heath
COMBINED COUNTIES Lge Premier Division South (ko 11.30am): AFC Croydon Ath v Balham, Alton v Badshot Lea, Fleet Tn v Farnham Tn, Horley Tn v Redhill, Knaphill v Camberley Tn, Raynes Park Vale v Banstead Ath, Tadley Calleva v Frimley Green
COMBINED COUNTIES Lge Division One (ko 11.30am): AFC Aldermaston v Woodley Utd, Berks County v Eversley & California, Hillingdon Borough v Brook House, London Samurai Rovers v CB Hounslow Utd, Molesey v Rising Ballers Kensington
HELLENIC Lge Premier: Bradford Tn v Mangotsfield Utd, Chipping Sodbury Tn v Thornbury Tn, Corsham Tn v Royal Wootton Bassett Tn, Cribbs v Roman Glass St George, Hereford Pegasus v Lydney Tn, Longlevens v Tuffley Rovers, Malvern Tn v Worcester Raiders, Wantage Tn v Shrivenham, Westfields v Hereford Lads Club
HELLENIC Lge Division One: Abingdon Utd v Long Crendon, Calne Tn v Malmesbury Victoria (ko 7.45pm) Cheltenham Saracens v Hartpury University, Littleton v Bourton Rovers, Pershore Tn v Milton Utd, Southam Utd v Moreton Rangers, Stonebridge Tn v Newent Tn
MIDLAND Lge Premier: Atherstone Tn v Highgate Utd, Bewdley Tn v Studley, Darlaston Tn v Racing Club Warwick, Lichfield City v Tividale, Market Drayton Tn v Whitchurch Alport, Shifnal Tn v Romulus, Stone Old Alleynians v AFC Wulfrunians, Uttoxeter Tn v Lye Tn, Walsall Wood v Worcester City, Wolverhampton Casuals v Stourport Swifts
MIDLAND Lge Division One: Bilston Tn v Ashby Ivanhoe, Chelmsley Tn v AFC Bridgnorth, Droitwich Spa v Coventry Copsewood, Haughmond v OJM Black Country, Hinckley AFC v Cradley Tn, Ingles v Dudley Tn, Smethwick Rangers v Nuneaton Griff, Stapenhill v Paget Rangers, Wednesfield v Shawbury Utd, Wolverhampton SC v Heath Hayes
NORTH WEST COUNTIES Lge Premier: AFC Liverpool v FC Isle of Man, Barnoldswick Tn v Prestwich Heys, Congleton Tn v Charnock Richard, Irlam v Northwich Victoria, Longridge Tn v Avro, Lower Breck v Wythenshawe Tn, Padiham v Litherland REMYCA, Vauxhall Motors v Burscough, Winsford Utd v West Didsbury & Chorlton
NORTH WEST COUNTIES Lge Division One North: Atherton LR v Cleator Moor Celtic, Bacup Borough v Daisy Hill, Euxton Villa v Chadderton, Garstang v Darwen, Holker OB v FC St Helens, Ilkley Tn v Nelson, Pilkington v South Liverpool, Runcorn Tn v Ashton Tn, Steeton v AFC Blackpool
NORTH WEST COUNTIES Lge Division One South: Abbey Hey v Cheadle Tn, Abbey Hulton Utd v Stafford Tn, Ashville v Ellesmere Rangers, Cheadle Heath Nomads v Stockport Tn, Eccleshall v Alsager Tn, Maine Road v Barnton, New Mills v Sandbach Utd, Stockport Georgians v Cammell Laird, Wythenshawe Amateurs v Foley Meir
NORTHERN Lge Division One: Bishop Auckland v Newton Aycliffe (ko 1pm), Sunderland RCA v Seaham Red Star (ko 12pm)
SOUTHERN COMBINATION Premier (ko 11am):AFC Varndeanians v Peacehaven & Telscombe, Bexhill Utd v Eastbourne Utd, Broadbridge Heath v Alfold, Crowborough Ath v Crawley Down Gatwick, Eastbourne Tn v Little Common, Hassocks v Roffey, Lingfield v AFC Uckfield Tn, Newhaven v Saltdean Utd
SOUTHERN COMBINATION Division One (ko 11am): Arundel v Billingshurst, Chessington & Hook v Dorking Wanderers B, Godalming Tn v Forest Row, Mile Oak v Montpelier Villa, Oakwood v Epsom & Ewell, Shoreham v Hailsham Tn
SOUTHERN COUNTIES EAST Lge Premier:Bearsted v K Sports, Erith & Belvedere v Welling Tn (ko 1pm), Fisher v Holmesdale, Glebe v Stansfeld, Hollands & Blair v Lordswood, Kennington v Deal Tn, Punjab Utd v Sutton Ath, Tunbridge Wells v Rusthall
SOUTHERN COUNTIES EAST Lge Division One: Larkfield & NH v Faversham SF, Lydd Tn v Greenways, Meridian VP v Tooting Bec, Snodland Tn v Rochester Utd, Staplehurst Monarchs v Kent Football Utd
Utd COUNTIES Lge Premier North: Anstey Nomads v Melton Tn, Belper Utd v Kimberley MW, Leicester Nirvana v Loughborough Students, Skegness Tn v Pinchbeck Utd
Utd COUNTIES Lge Premier South: Easington Sports v Coventry Utd, Histon v March Tn Utd, Rothwell Corinthians v Coventry Sphinx
Utd COUNTIES Lge Division One: Aylestone Park v Kirby Muxloe, Harrowby Utd v Holwell Sports, Radford v Grantham Tn Mens, Rainworth MW v Blidworth Welfare, Saffron Dynamo v Barrow Tn, Southwell City v Dunkirk
WESTERN Lge Premier: Ashton & Backwell v Falmouth Tn, Barnstaple Tn v Cadbury Heath, Buckland Ath v Bridgwater Utd, Helston Ath v Sherborne Tn, Ilfracombe Tn v Clevedon Tn, Keynsham Tn v Wellington, Millbrook v Shepton Mallet, Mousehole v Street, Saltash Utd v Bitton, Torpoint Ath v Welton Rovers
WESTERN Lge Division One: AEK Boco v Nailsea & Tickenham, Almonsbury v Odd Down, Bishop Sutton v Oldland Abbotonians, Bishops Lyedard v Hallen, Brislington v Wincanton Tn, Cheddar v Bristol Telephones, Gillingham Tn v Wells City, Hengrove Ath v Tytherington Rocks, Longwell Green Sports v FC Bristol (ko 1.30pm), Shierhampton v Radstock Tn
